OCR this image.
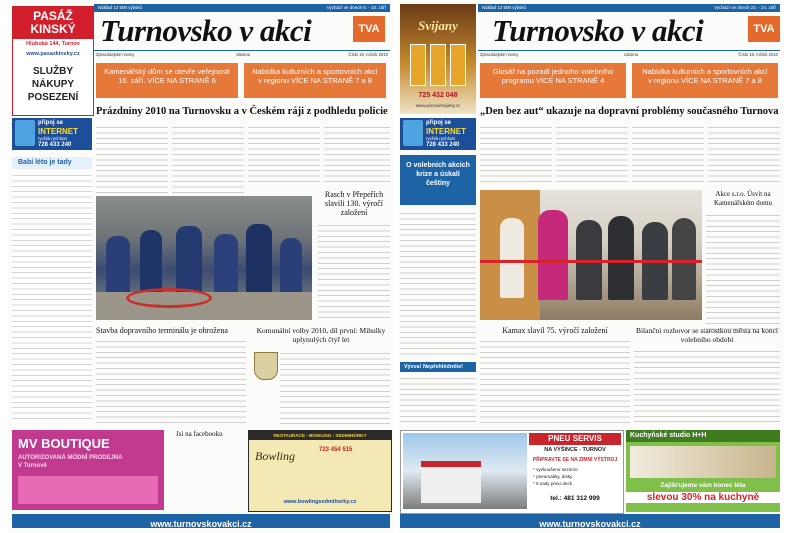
PASÁŽ
KINSKÝ
Hluboká 144, Turnov
www.pasazkinsky.cz
SLUŽBY
NÁKUPY
POSEZENÍ
připoj se
INTERNET
rychlá rychlost
728 433 240
Babí léto je tady
MV BOUTIQUE
AUTORIZOVANÁ MÓDNÍ PRODEJNA
V Turnově
Náklad 12 500 výtisků	Vychází ve dnech 6. - 10. září
Turnovsko v akci	TVA
Zpravodajské noviny	zdarma	Číslo 16, ročník 2010
Kamenářský dům se otevře veřejnosti 16. září. VÍCE NA STRANĚ 6
Nabídka kulturních a sportovních akcí v regionu VÍCE NA STRANĚ 7 a 8
Prázdniny 2010 na Turnovsku a v Českém ráji z podhledu policie
Rasch v Přepeřích slavili 130. výročí založení
Stavba dopravního terminálu je ohrožena
Jsi na facebooku
Komunální volby 2010, díl první: Mihulky uplynulých čtyř let
RESTAURACE - BOWLING - SEDMIHORKY
Bowling	723 454 515
www.bowlingsedmihorky.cz
www.turnovskovakci.cz
Svijany
725 432 048
www.pivovarsvijany.cz
připoj se
INTERNET
rychlá rychlost
728 433 240
O volebních akcích krize a úskalí češtiny
Výzva! Nepřehlédněte!
Náklad 12 500 výtisků	Vychází ve dnech 22. - 24. září
Turnovsko v akci	TVA
Zpravodajské noviny	zdarma	Číslo 18, ročník 2010
Glosář na pozadí jednoho volebního programu VÍCE NA STRANĚ 4
Nabídka kulturních a sportovních akcí v regionu VÍCE NA STRANĚ 7 a 8
„Den bez aut“ ukazuje na dopravní problémy současného Turnova
Akce s.r.o. Úsvit na Kamenářském domu
Kamax slavil 75. výročí založení	Bilanční rozhovor se starostkou města na konci volebního období
PNEU SERVIS
NA VÝŠINCE - TURNOV
PŘIPRAVTE SE NA ZIMNÍ VÝSTROJ
* vyzkoušeno sezónní
* pneumatiky, disky
* 5 sady pneu deck
tel.: 481 312 999
Kuchyňské studio H+H
Zajišťujeme vám konec léta
slevou 30% na kuchyně
www.turnovskovakci.cz
